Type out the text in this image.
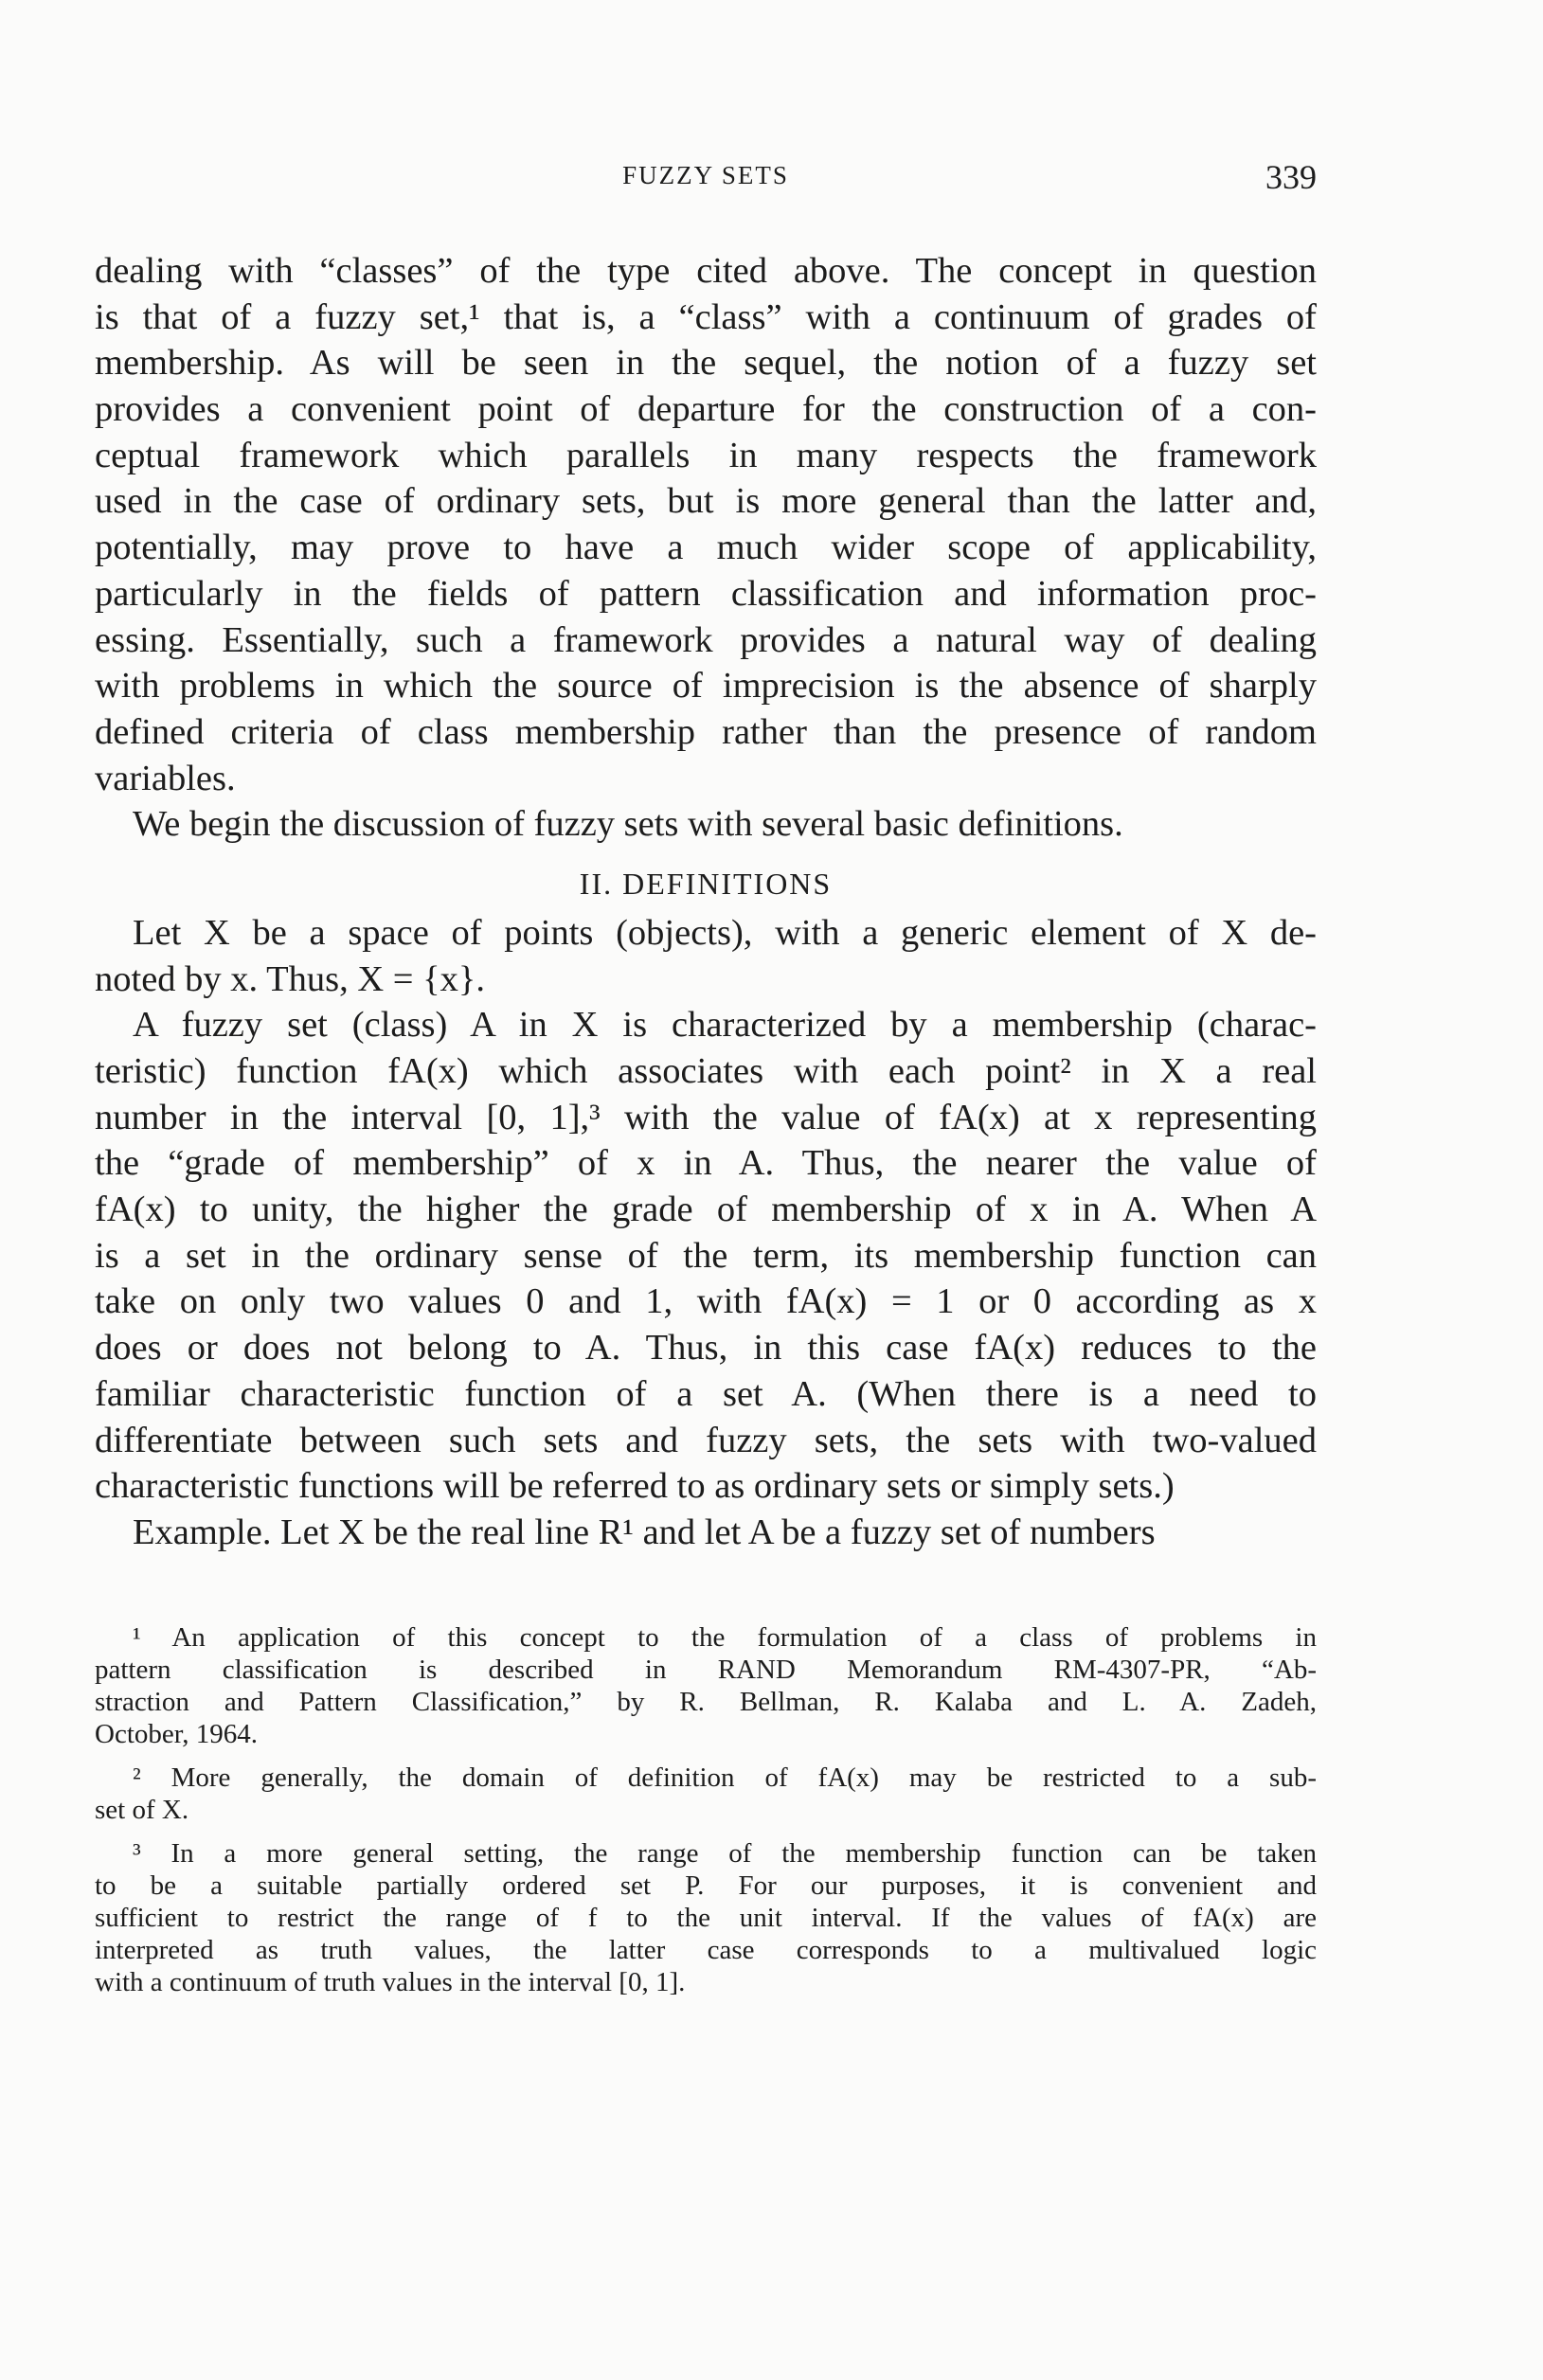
FUZZY SETS	339
dealing with “classes” of the type cited above. The concept in question
is that of a fuzzy set,¹ that is, a “class” with a continuum of grades of
membership. As will be seen in the sequel, the notion of a fuzzy set
provides a convenient point of departure for the construction of a con-
ceptual framework which parallels in many respects the framework
used in the case of ordinary sets, but is more general than the latter and,
potentially, may prove to have a much wider scope of applicability,
particularly in the fields of pattern classification and information proc-
essing. Essentially, such a framework provides a natural way of dealing
with problems in which the source of imprecision is the absence of sharply
defined criteria of class membership rather than the presence of random
variables.
We begin the discussion of fuzzy sets with several basic definitions.
II. DEFINITIONS
Let X be a space of points (objects), with a generic element of X de-
noted by x. Thus, X = {x}.
A fuzzy set (class) A in X is characterized by a membership (charac-
teristic) function fA(x) which associates with each point² in X a real
number in the interval [0, 1],³ with the value of fA(x) at x representing
the “grade of membership” of x in A. Thus, the nearer the value of
fA(x) to unity, the higher the grade of membership of x in A. When A
is a set in the ordinary sense of the term, its membership function can
take on only two values 0 and 1, with fA(x) = 1 or 0 according as x
does or does not belong to A. Thus, in this case fA(x) reduces to the
familiar characteristic function of a set A. (When there is a need to
differentiate between such sets and fuzzy sets, the sets with two-valued
characteristic functions will be referred to as ordinary sets or simply sets.)
Example. Let X be the real line R¹ and let A be a fuzzy set of numbers
¹ An application of this concept to the formulation of a class of problems in
pattern classification is described in RAND Memorandum RM-4307-PR, “Ab-
straction and Pattern Classification,” by R. Bellman, R. Kalaba and L. A. Zadeh,
October, 1964.
² More generally, the domain of definition of fA(x) may be restricted to a sub-
set of X.
³ In a more general setting, the range of the membership function can be taken
to be a suitable partially ordered set P. For our purposes, it is convenient and
sufficient to restrict the range of f to the unit interval. If the values of fA(x) are
interpreted as truth values, the latter case corresponds to a multivalued logic
with a continuum of truth values in the interval [0, 1].
